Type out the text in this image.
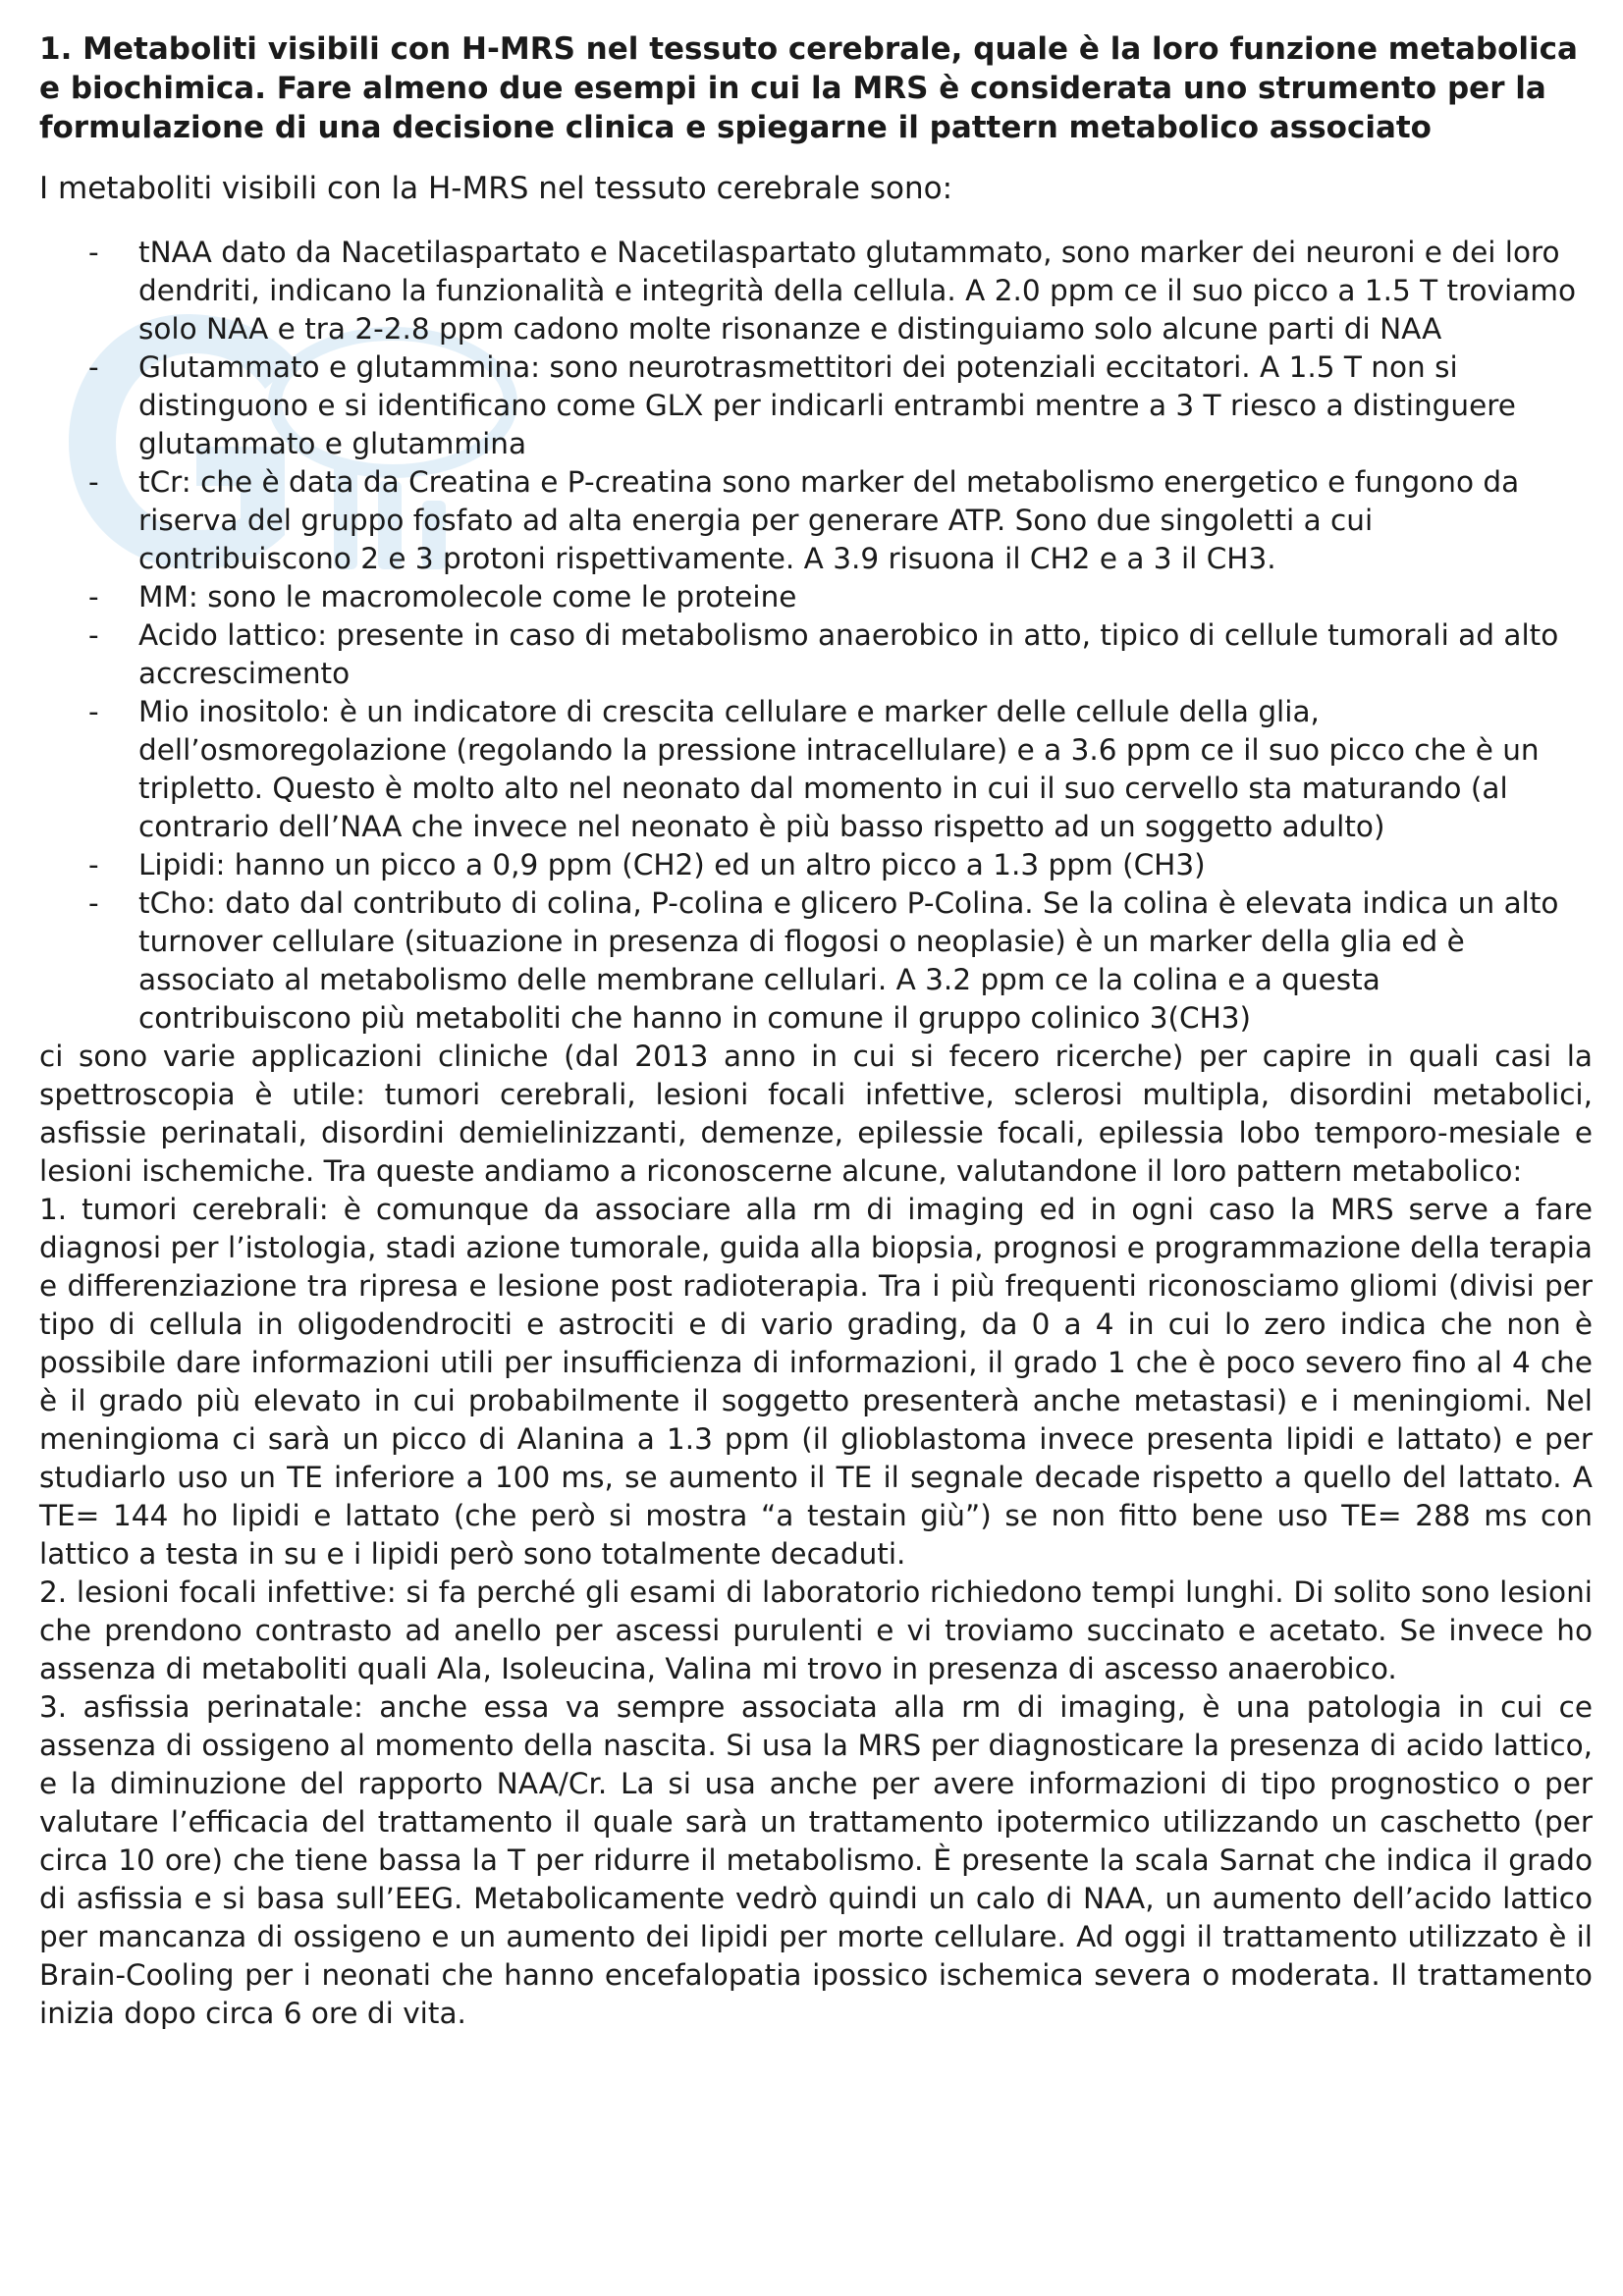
1. Metaboliti visibili con H-MRS nel tessuto cerebrale, quale è la loro funzione metabolica e biochimica. Fare almeno due esempi in cui la MRS è considerata uno strumento per la formulazione di una decisione clinica e spiegarne il pattern metabolico associato

I metaboliti visibili con la H-MRS nel tessuto cerebrale sono:

- tNAA dato da Nacetilaspartato e Nacetilaspartato glutammato, sono marker dei neuroni e dei loro dendriti, indicano la funzionalità e integrità della cellula. A 2.0 ppm ce il suo picco a 1.5 T troviamo solo NAA e tra 2-2.8 ppm cadono molte risonanze e distinguiamo solo alcune parti di NAA
- Glutammato e glutammina: sono neurotrasmettitori dei potenziali eccitatori. A 1.5 T non si distinguono e si identificano come GLX per indicarli entrambi mentre a 3 T riesco a distinguere glutammato e glutammina
- tCr: che è data da Creatina e P-creatina sono marker del metabolismo energetico e fungono da riserva del gruppo fosfato ad alta energia per generare ATP. Sono due singoletti a cui contribuiscono 2 e 3 protoni rispettivamente. A 3.9 risuona il CH2 e a 3 il CH3.
- MM: sono le macromolecole come le proteine
- Acido lattico: presente in caso di metabolismo anaerobico in atto, tipico di cellule tumorali ad alto accrescimento
- Mio inositolo: è un indicatore di crescita cellulare e marker delle cellule della glia, dell’osmoregolazione (regolando la pressione intracellulare) e a 3.6 ppm ce il suo picco che è un tripletto. Questo è molto alto nel neonato dal momento in cui il suo cervello sta maturando (al contrario dell’NAA che invece nel neonato è più basso rispetto ad un soggetto adulto)
- Lipidi: hanno un picco a 0,9 ppm (CH2) ed un altro picco a 1.3 ppm (CH3)
- tCho: dato dal contributo di colina, P-colina e glicero P-Colina. Se la colina è elevata indica un alto turnover cellulare (situazione in presenza di flogosi o neoplasie) è un marker della glia ed è associato al metabolismo delle membrane cellulari. A 3.2 ppm ce la colina e a questa contribuiscono più metaboliti che hanno in comune il gruppo colinico 3(CH3)

ci sono varie applicazioni cliniche (dal 2013 anno in cui si fecero ricerche) per capire in quali casi la spettroscopia è utile: tumori cerebrali, lesioni focali infettive, sclerosi multipla, disordini metabolici, asfissie perinatali, disordini demielinizzanti, demenze, epilessie focali, epilessia lobo temporo-mesiale e lesioni ischemiche. Tra queste andiamo a riconoscerne alcune, valutandone il loro pattern metabolico:

1. tumori cerebrali: è comunque da associare alla rm di imaging ed in ogni caso la MRS serve a fare diagnosi per l’istologia, stadi azione tumorale, guida alla biopsia, prognosi e programmazione della terapia e differenziazione tra ripresa e lesione post radioterapia. Tra i più frequenti riconosciamo gliomi (divisi per tipo di cellula in oligodendrociti e astrociti e di vario grading, da 0 a 4 in cui lo zero indica che non è possibile dare informazioni utili per insufficienza di informazioni, il grado 1 che è poco severo fino al 4 che è il grado più elevato in cui probabilmente il soggetto presenterà anche metastasi) e i meningiomi. Nel meningioma ci sarà un picco di Alanina a 1.3 ppm (il glioblastoma invece presenta lipidi e lattato) e per studiarlo uso un TE inferiore a 100 ms, se aumento il TE il segnale decade rispetto a quello del lattato. A TE= 144 ho lipidi e lattato (che però si mostra “a testain giù”) se non fitto bene uso TE= 288 ms con lattico a testa in su e i lipidi però sono totalmente decaduti.

2. lesioni focali infettive: si fa perché gli esami di laboratorio richiedono tempi lunghi. Di solito sono lesioni che prendono contrasto ad anello per ascessi purulenti e vi troviamo succinato e acetato. Se invece ho assenza di metaboliti quali Ala, Isoleucina, Valina mi trovo in presenza di ascesso anaerobico.

3. asfissia perinatale: anche essa va sempre associata alla rm di imaging, è una patologia in cui ce assenza di ossigeno al momento della nascita. Si usa la MRS per diagnosticare la presenza di acido lattico, e la diminuzione del rapporto NAA/Cr. La si usa anche per avere informazioni di tipo prognostico o per valutare l’efficacia del trattamento il quale sarà un trattamento ipotermico utilizzando un caschetto (per circa 10 ore) che tiene bassa la T per ridurre il metabolismo. È presente la scala Sarnat che indica il grado di asfissia e si basa sull’EEG. Metabolicamente vedrò quindi un calo di NAA, un aumento dell’acido lattico per mancanza di ossigeno e un aumento dei lipidi per morte cellulare. Ad oggi il trattamento utilizzato è il Brain-Cooling per i neonati che hanno encefalopatia ipossico ischemica severa o moderata. Il trattamento inizia dopo circa 6 ore di vita.
